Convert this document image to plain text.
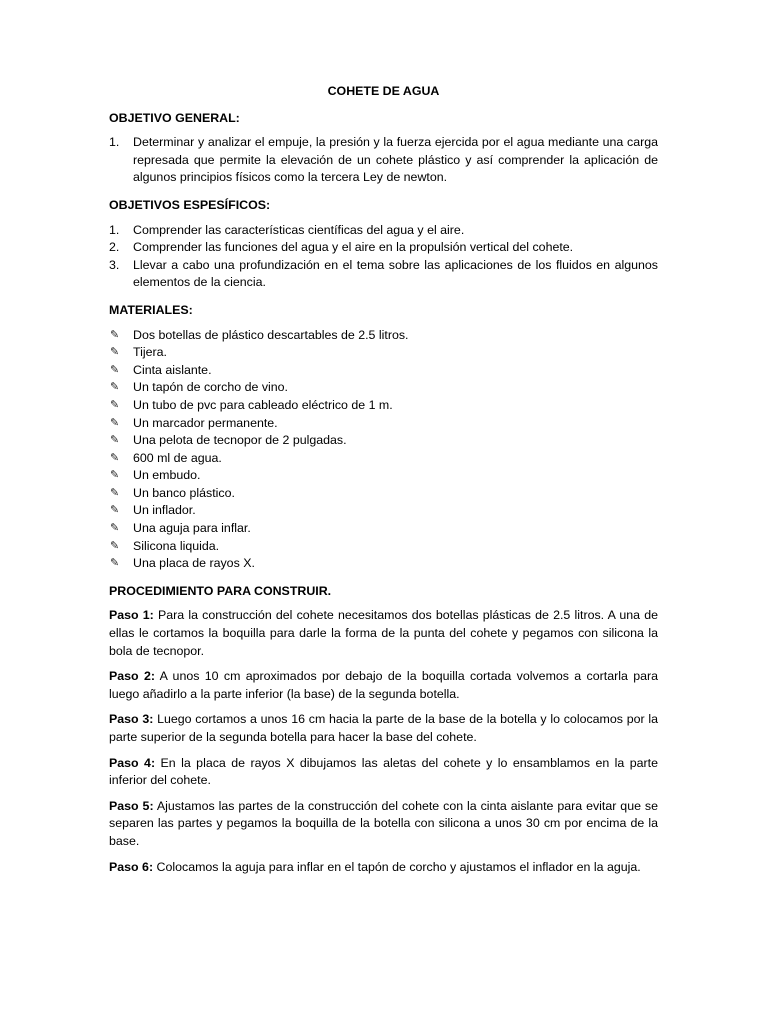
COHETE DE AGUA
OBJETIVO GENERAL:
1. Determinar y analizar el empuje, la presión y la fuerza ejercida por el agua mediante una carga represada que permite la elevación de un cohete plástico y así comprender la aplicación de algunos principios físicos como la tercera Ley de newton.
OBJETIVOS ESPESÍFICOS:
1. Comprender las características científicas del agua y el aire.
2. Comprender las funciones del agua y el aire en la propulsión vertical del cohete.
3. Llevar a cabo una profundización en el tema sobre las aplicaciones de los fluidos en algunos elementos de la ciencia.
MATERIALES:
✎ Dos botellas de plástico descartables de 2.5 litros.
✎ Tijera.
✎ Cinta aislante.
✎ Un tapón de corcho de vino.
✎ Un tubo de pvc para cableado eléctrico de 1 m.
✎ Un marcador permanente.
✎ Una pelota de tecnopor de 2 pulgadas.
✎ 600 ml de agua.
✎ Un embudo.
✎ Un banco plástico.
✎ Un inflador.
✎ Una aguja para inflar.
✎ Silicona liquida.
✎ Una placa de rayos X.
PROCEDIMIENTO PARA CONSTRUIR.

Paso 1: Para la construcción del cohete necesitamos dos botellas plásticas de 2.5 litros. A una de ellas le cortamos la boquilla para darle la forma de la punta del cohete y pegamos con silicona la bola de tecnopor.

Paso 2: A unos 10 cm aproximados por debajo de la boquilla cortada volvemos a cortarla para luego añadirlo a la parte inferior (la base) de la segunda botella.

Paso 3: Luego cortamos a unos 16 cm hacia la parte de la base de la botella y lo colocamos por la parte superior de la segunda botella para hacer la base del cohete.

Paso 4: En la placa de rayos X dibujamos las aletas del cohete y lo ensamblamos en la parte inferior del cohete.

Paso 5: Ajustamos las partes de la construcción del cohete con la cinta aislante para evitar que se separen las partes y pegamos la boquilla de la botella con silicona a unos 30 cm por encima de la base.

Paso 6: Colocamos la aguja para inflar en el tapón de corcho y ajustamos el inflador en la aguja.
